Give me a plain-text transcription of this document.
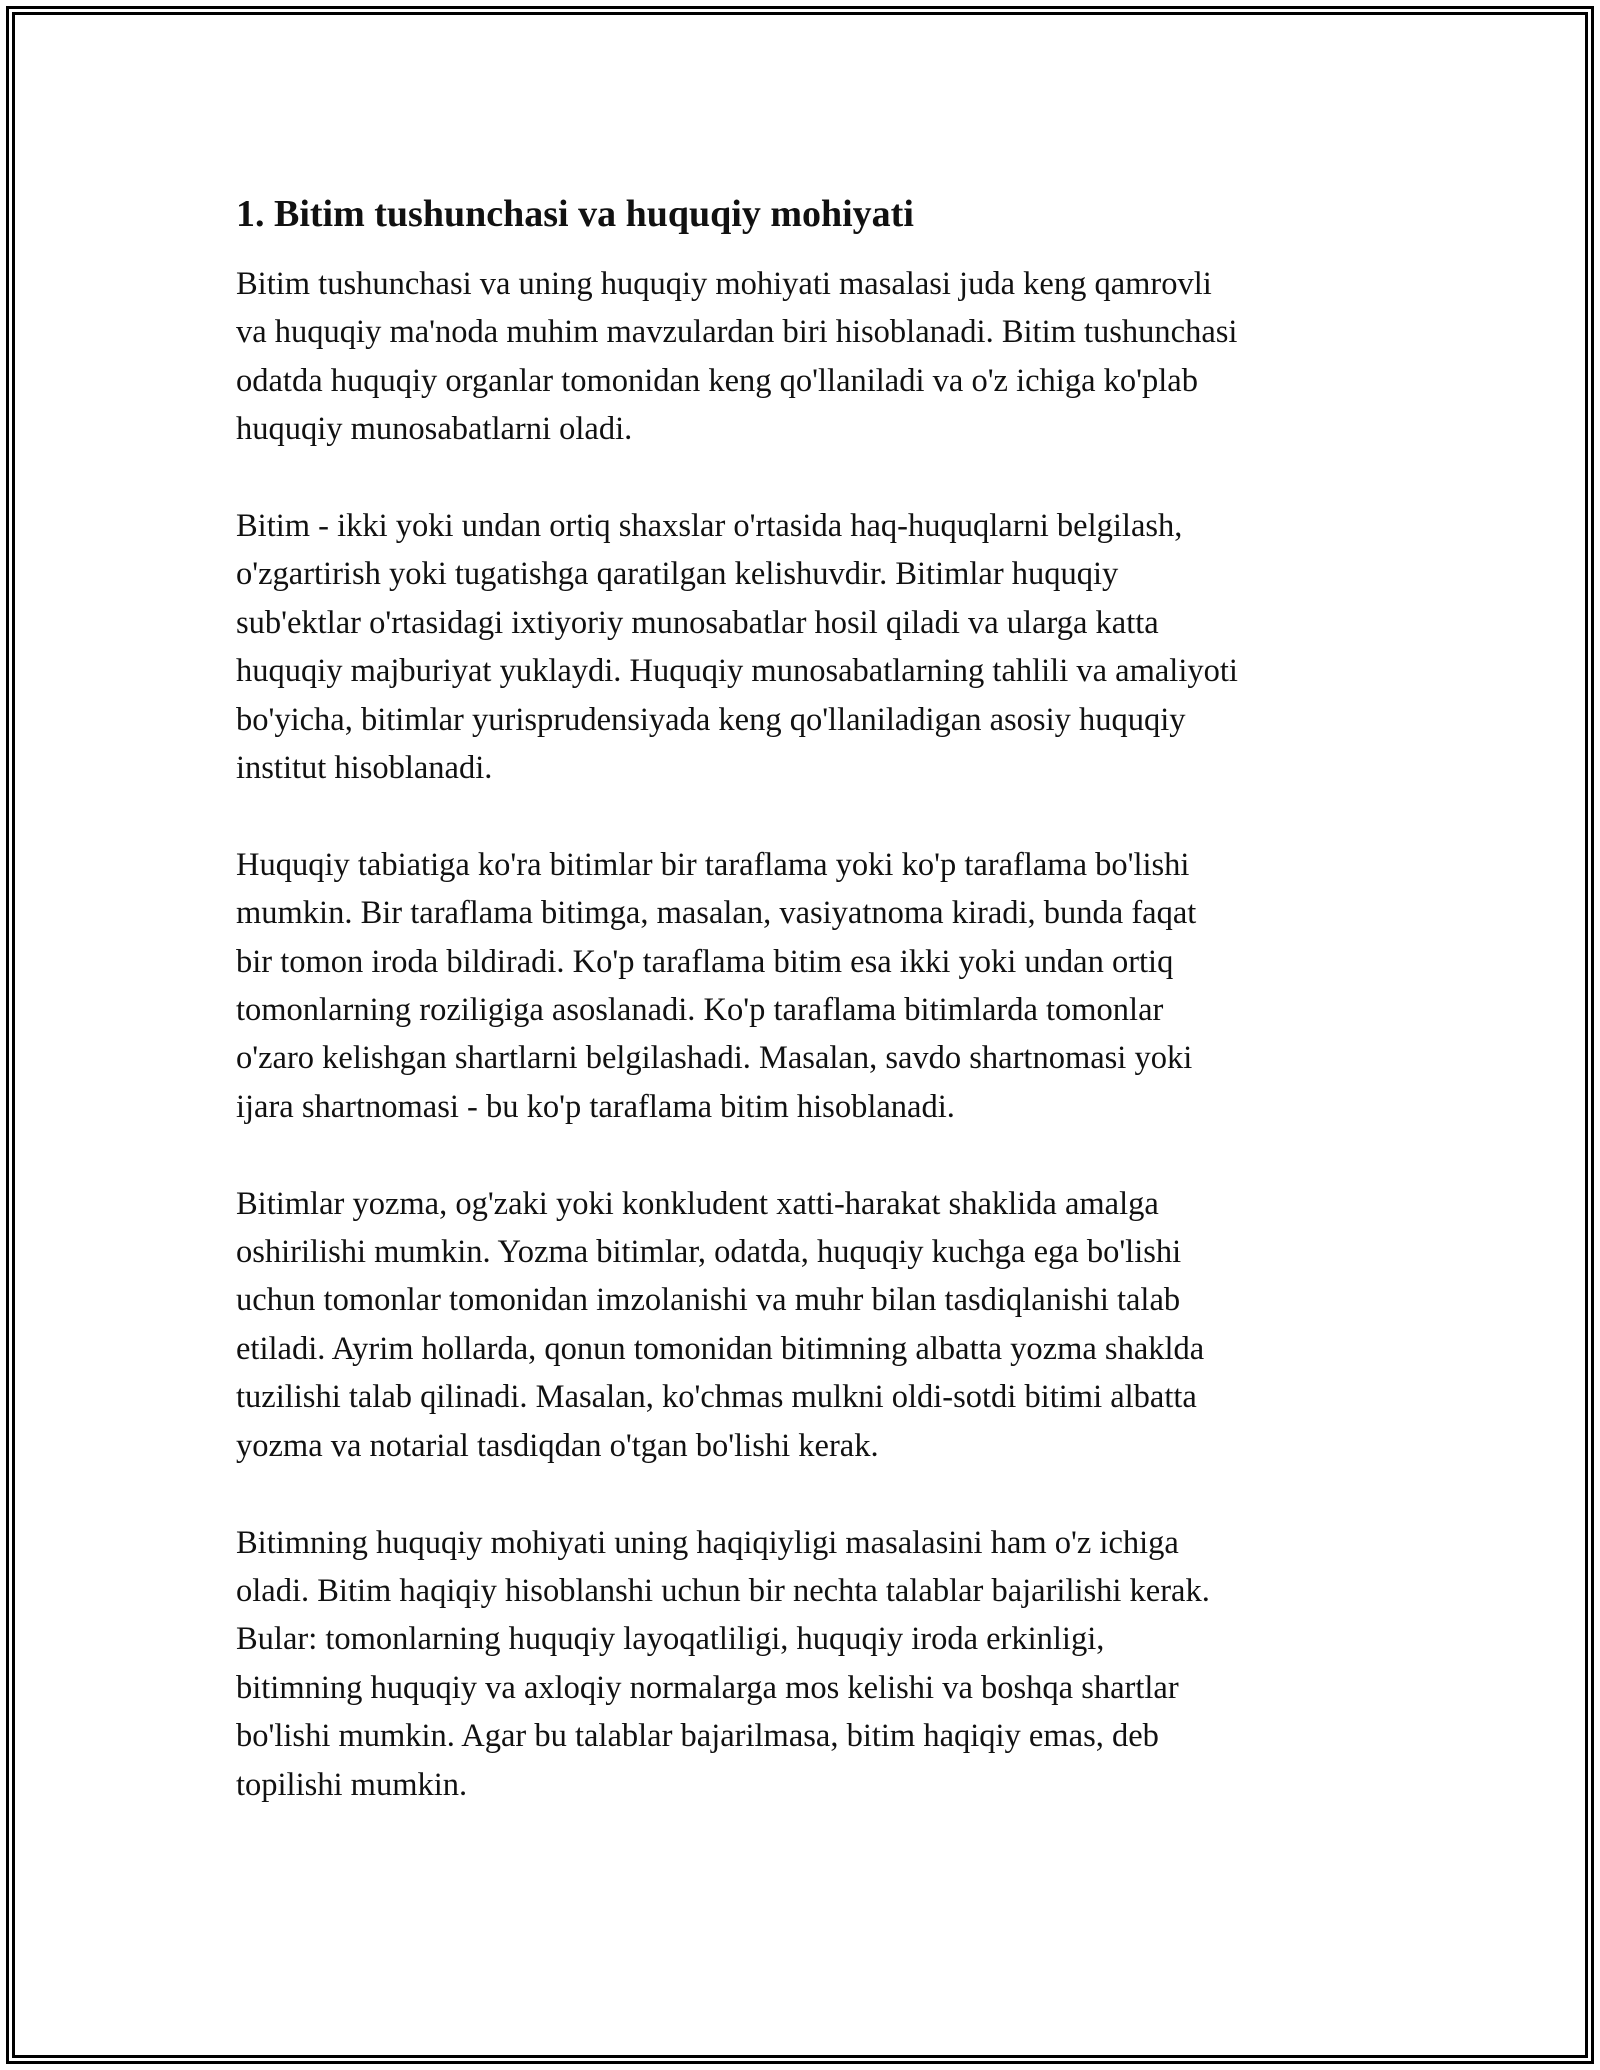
1. Bitim tushunchasi va huquqiy mohiyati

Bitim tushunchasi va uning huquqiy mohiyati masalasi juda keng qamrovli
va huquqiy ma'noda muhim mavzulardan biri hisoblanadi. Bitim tushunchasi
odatda huquqiy organlar tomonidan keng qo'llaniladi va o'z ichiga ko'plab
huquqiy munosabatlarni oladi.

Bitim - ikki yoki undan ortiq shaxslar o'rtasida haq-huquqlarni belgilash,
o'zgartirish yoki tugatishga qaratilgan kelishuvdir. Bitimlar huquqiy
sub'ektlar o'rtasidagi ixtiyoriy munosabatlar hosil qiladi va ularga katta
huquqiy majburiyat yuklaydi. Huquqiy munosabatlarning tahlili va amaliyoti
bo'yicha, bitimlar yurisprudensiyada keng qo'llaniladigan asosiy huquqiy
institut hisoblanadi.

Huquqiy tabiatiga ko'ra bitimlar bir taraflama yoki ko'p taraflama bo'lishi
mumkin. Bir taraflama bitimga, masalan, vasiyatnoma kiradi, bunda faqat
bir tomon iroda bildiradi. Ko'p taraflama bitim esa ikki yoki undan ortiq
tomonlarning roziligiga asoslanadi. Ko'p taraflama bitimlarda tomonlar
o'zaro kelishgan shartlarni belgilashadi. Masalan, savdo shartnomasi yoki
ijara shartnomasi - bu ko'p taraflama bitim hisoblanadi.

Bitimlar yozma, og'zaki yoki konkludent xatti-harakat shaklida amalga
oshirilishi mumkin. Yozma bitimlar, odatda, huquqiy kuchga ega bo'lishi
uchun tomonlar tomonidan imzolanishi va muhr bilan tasdiqlanishi talab
etiladi. Ayrim hollarda, qonun tomonidan bitimning albatta yozma shaklda
tuzilishi talab qilinadi. Masalan, ko'chmas mulkni oldi-sotdi bitimi albatta
yozma va notarial tasdiqdan o'tgan bo'lishi kerak.

Bitimning huquqiy mohiyati uning haqiqiyligi masalasini ham o'z ichiga
oladi. Bitim haqiqiy hisoblanshi uchun bir nechta talablar bajarilishi kerak.
Bular: tomonlarning huquqiy layoqatliligi, huquqiy iroda erkinligi,
bitimning huquqiy va axloqiy normalarga mos kelishi va boshqa shartlar
bo'lishi mumkin. Agar bu talablar bajarilmasa, bitim haqiqiy emas, deb
topilishi mumkin.
